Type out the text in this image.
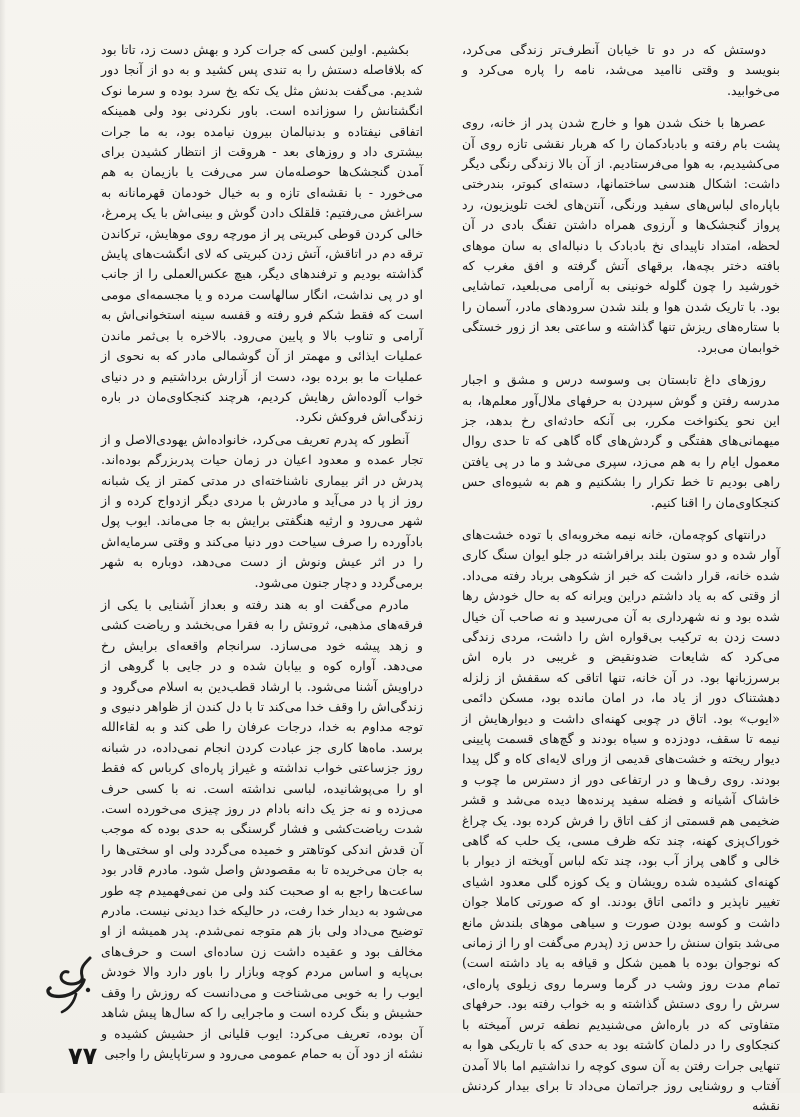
دوستش که در دو تا خیابان آنطرف‌تر زندگی می‌کرد، بنویسد و وقتی ناامید می‌شد، نامه را پاره می‌کرد و می‌خوابید.

عصرها با خنک شدن هوا و خارج شدن پدر از خانه، روی پشت بام رفته و بادبادکمان را که هربار نقشی تازه روی آن می‌کشیدیم، به هوا می‌فرستادیم. از آن بالا زندگی رنگی دیگر داشت: اشکال هندسی ساختمانها، دسته‌ای کبوتر، بندرختی باپاره‌ای لباس‌های سفید ورنگی، آنتن‌های لخت تلویزیون، رد پرواز گنجشک‌ها و آرزوی همراه داشتن تفنگ بادی در آن لحظه، امتداد ناپیدای نخ بادبادک با دنباله‌ای به سان موهای بافته دختر بچه‌ها، برقهای آتش گرفته و افق مغرب که خورشید را چون گلوله خونینی به آرامی می‌بلعید، تماشایی بود. با تاریک شدن هوا و بلند شدن سرودهای مادر، آسمان را با ستاره‌های ریزش تنها گذاشته و ساعتی بعد از زور خستگی خوابمان می‌برد.

روزهای داغ تابستان بی وسوسه درس و مشق و اجبار مدرسه رفتن و گوش سپردن به حرفهای ملال‌آور معلم‌ها، به این نحو یکنواخت مکرر، بی آنکه حادثه‌ای رخ بدهد، جز میهمانی‌های هفتگی و گردش‌های گاه گاهی که تا حدی روال معمول ایام را به هم می‌زد، سپری می‌شد و ما در پی یافتن راهی بودیم تا خط تکرار را بشکنیم و هم به شیوه‌ای حس کنجکاوی‌مان را اقنا کنیم.

درانتهای کوچه‌مان، خانه نیمه مخروبه‌ای با توده خشت‌های آوار شده و دو ستون بلند برافراشته در جلو ایوان سنگ کاری شده خانه، قرار داشت که خبر از شکوهی برباد رفته می‌داد. از وقتی که به یاد داشتم دراین ویرانه که به حال خودش رها شده بود و نه شهرداری به آن می‌رسید و نه صاحب آن خیال دست زدن به ترکیب بی‌قواره اش را داشت، مردی زندگی می‌کرد که شایعات ضدونقیض و غریبی در باره اش برسرزبانها بود. در آن خانه، تنها اتاقی که سقفش از زلزله دهشتناک دور از یاد ما، در امان مانده بود، مسکن دائمی «ایوب» بود. اتاق در چوبی کهنه‌ای داشت و دیوارهایش از نیمه تا سقف، دودزده و سیاه بودند و گچ‌های قسمت پایینی دیوار ریخته و خشت‌های قدیمی از ورای لایه‌ای کاه و گل پیدا بودند. روی رف‌ها و در ارتفاعی دور از دسترس ما چوب و خاشاک آشیانه و فضله سفید پرنده‌ها دیده می‌شد و قشر ضخیمی هم قسمتی از کف اتاق را فرش کرده بود. یک چراغ خوراک‌پزی کهنه، چند تکه ظرف مسی، یک حلب که گاهی خالی و گاهی پراز آب بود، چند تکه لباس آویخته از دیوار با کهنه‌ای کشیده شده رویشان و یک کوزه گلی معدود اشیای تغییر ناپذیر و دائمی اتاق بودند. او که صورتی کاملا جوان داشت و کوسه بودن صورت و سیاهی موهای بلندش مانع می‌شد بتوان سنش را حدس زد (پدرم می‌گفت او را از زمانی که نوجوان بوده با همین شکل و قیافه به یاد داشته است) تمام مدت روز وشب در گرما وسرما روی زیلوی پاره‌ای، سرش را روی دستش گذاشته و به خواب رفته بود. حرفهای متفاوتی که در باره‌اش می‌شنیدیم نطفه ترس آمیخته با کنجکاوی را در دلمان کاشته بود به حدی که با تاریکی هوا به تنهایی جرات رفتن به آن سوی کوچه را نداشتیم اما بالا آمدن آفتاب و روشنایی روز جراتمان می‌داد تا برای بیدار کردنش نقشه

بکشیم. اولین کسی که جرات کرد و بهش دست زد، تاتا بود که بلافاصله دستش را به تندی پس کشید و به دو از آنجا دور شدیم. می‌گفت بدنش مثل یک تکه یخ سرد بوده و سرما نوک انگشتانش را سوزانده است. باور نکردنی بود ولی همینکه اتفاقی نیفتاده و بدنبالمان بیرون نیامده بود، به ما جرات بیشتری داد و روزهای بعد - هروقت از انتظار کشیدن برای آمدن گنجشک‌ها حوصله‌مان سر می‌رفت یا بازیمان به هم می‌خورد - با نقشه‌ای تازه و به خیال خودمان قهرمانانه به سراغش می‌رفتیم: قلقلک دادن گوش و بینی‌اش با یک پرمرغ، خالی کردن قوطی کبریتی پر از مورچه روی موهایش، ترکاندن ترقه دم در اتاقش، آتش زدن کبریتی که لای انگشت‌های پایش گذاشته بودیم و ترفندهای دیگر، هیچ عکس‌العملی را از جانب او در پی نداشت، انگار سالهاست مرده و یا مجسمه‌ای مومی است که فقط شکم فرو رفته و قفسه سینه استخوانی‌اش به آرامی و تناوب بالا و پایین می‌رود. بالاخره با بی‌ثمر ماندن عملیات ایذائی و مهمتر از آن گوشمالی مادر که به نحوی از عملیات ما بو برده بود، دست از آزارش برداشتیم و در دنیای خواب آلوده‌اش رهایش کردیم، هرچند کنجکاوی‌مان در باره زندگی‌اش فروکش نکرد.

آنطور که پدرم تعریف می‌کرد، خانواده‌اش یهودی‌الاصل و از تجار عمده و معدود اعیان در زمان حیات پدربزرگم بوده‌اند. پدرش در اثر بیماری ناشناخته‌ای در مدتی کمتر از یک شبانه روز از پا در می‌آید و مادرش با مردی دیگر ازدواج کرده و از شهر می‌رود و ارثیه هنگفتی برایش به جا می‌ماند. ایوب پول بادآورده را صرف سیاحت دور دنیا می‌کند و وقتی سرمایه‌اش را در اثر عیش ونوش از دست می‌دهد، دوباره به شهر برمی‌گردد و دچار جنون می‌شود.

مادرم می‌گفت او به هند رفته و بعداز آشنایی با یکی از فرقه‌های مذهبی، ثروتش را به فقرا می‌بخشد و ریاضت کشی و زهد پیشه خود می‌سازد. سرانجام واقعه‌ای برایش رخ می‌دهد. آواره کوه و بیابان شده و در جایی با گروهی از دراویش آشنا می‌شود. با ارشاد قطب‌دین به اسلام می‌گرود و زندگی‌اش را وقف خدا می‌کند تا با دل کندن از ظواهر دنیوی و توجه مداوم به خدا، درجات عرفان را طی کند و به لقاءالله برسد. ماه‌ها کاری جز عبادت کردن انجام نمی‌داده، در شبانه روز جزساعتی خواب نداشته و غیراز پاره‌ای کرباس که فقط او را می‌پوشانیده، لباسی نداشته است. نه با کسی حرف می‌زده و نه جز یک دانه بادام در روز چیزی می‌خورده است. شدت ریاضت‌کشی و فشار گرسنگی به حدی بوده که موجب آن قدش اندکی کوتاهتر و خمیده می‌گردد ولی او سختی‌ها را به جان می‌خریده تا به مقصودش واصل شود. مادرم قادر بود ساعت‌ها راجع به او صحبت کند ولی من نمی‌فهمیدم چه طور می‌شود به دیدار خدا رفت، در حالیکه خدا دیدنی نیست. مادرم توضیح می‌داد ولی باز هم متوجه نمی‌شدم. پدر همیشه از او مخالف بود و عقیده داشت زن ساده‌ای است و حرف‌های بی‌پایه و اساس مردم کوچه وبازار را باور دارد والا خودش ایوب را به خوبی می‌شناخت و می‌دانست که روزش را وقف حشیش و بنگ کرده است و ماجرایی را که سال‌ها پیش شاهد آن بوده، تعریف می‌کرد: ایوب قلیانی از حشیش کشیده و نشئه از دود آن به حمام عمومی می‌رود و سرتاپایش را واجبی

۷۷
